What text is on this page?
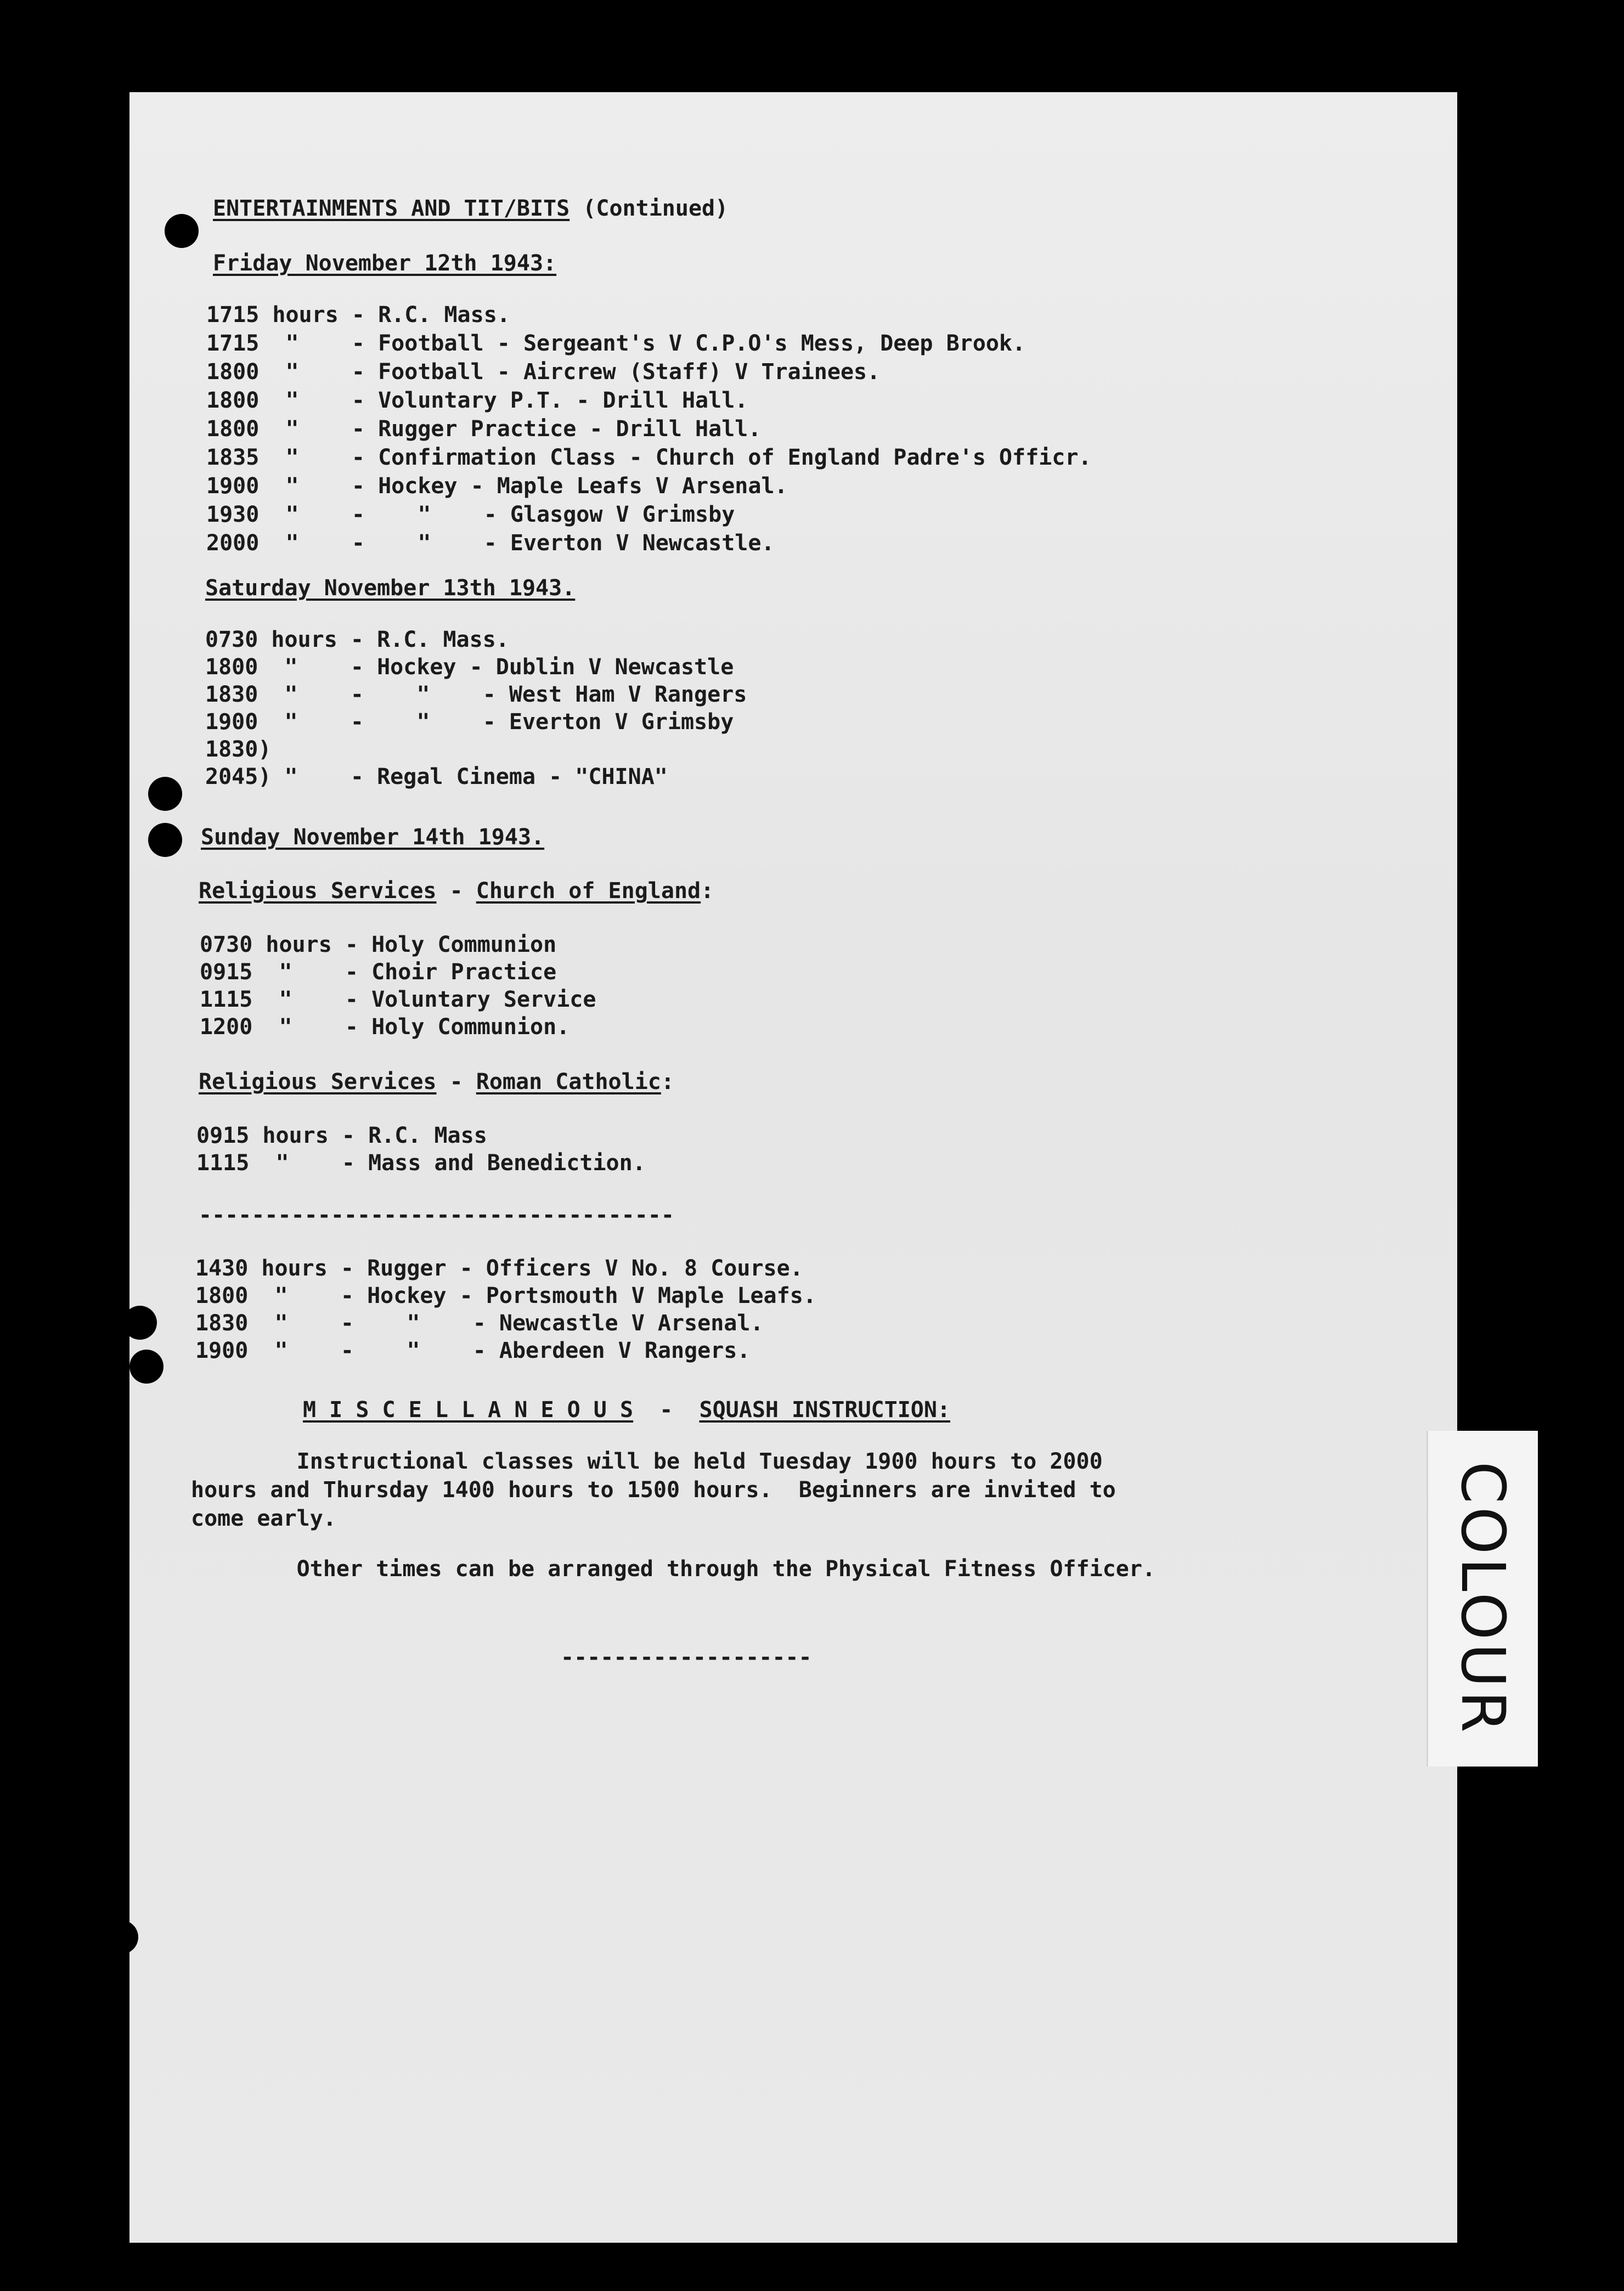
ENTERTAINMENTS AND TIT/BITS (Continued)
Friday November 12th 1943:
1715 hours - R.C. Mass.
1715  "    - Football - Sergeant's V C.P.O's Mess, Deep Brook.
1800  "    - Football - Aircrew (Staff) V Trainees.
1800  "    - Voluntary P.T. - Drill Hall.
1800  "    - Rugger Practice - Drill Hall.
1835  "    - Confirmation Class - Church of England Padre's Officr.
1900  "    - Hockey - Maple Leafs V Arsenal.
1930  "    -    "    - Glasgow V Grimsby
2000  "    -    "    - Everton V Newcastle.
Saturday November 13th 1943.
0730 hours - R.C. Mass.
1800  "    - Hockey - Dublin V Newcastle
1830  "    -    "    - West Ham V Rangers
1900  "    -    "    - Everton V Grimsby
1830)
2045) "    - Regal Cinema - "CHINA"
Sunday November 14th 1943.
Religious Services - Church of England:
0730 hours - Holy Communion
0915  "    - Choir Practice
1115  "    - Voluntary Service
1200  "    - Holy Communion.
Religious Services - Roman Catholic:
0915 hours - R.C. Mass
1115  "    - Mass and Benediction.
------------------------------------
1430 hours - Rugger - Officers V No. 8 Course.
1800  "    - Hockey - Portsmouth V Maple Leafs.
1830  "    -    "    - Newcastle V Arsenal.
1900  "    -    "    - Aberdeen V Rangers.
M I S C E L L A N E O U S  -  SQUASH INSTRUCTION:
Instructional classes will be held Tuesday 1900 hours to 2000
hours and Thursday 1400 hours to 1500 hours.  Beginners are invited to
come early.
Other times can be arranged through the Physical Fitness Officer.
-------------------	COLOUR
